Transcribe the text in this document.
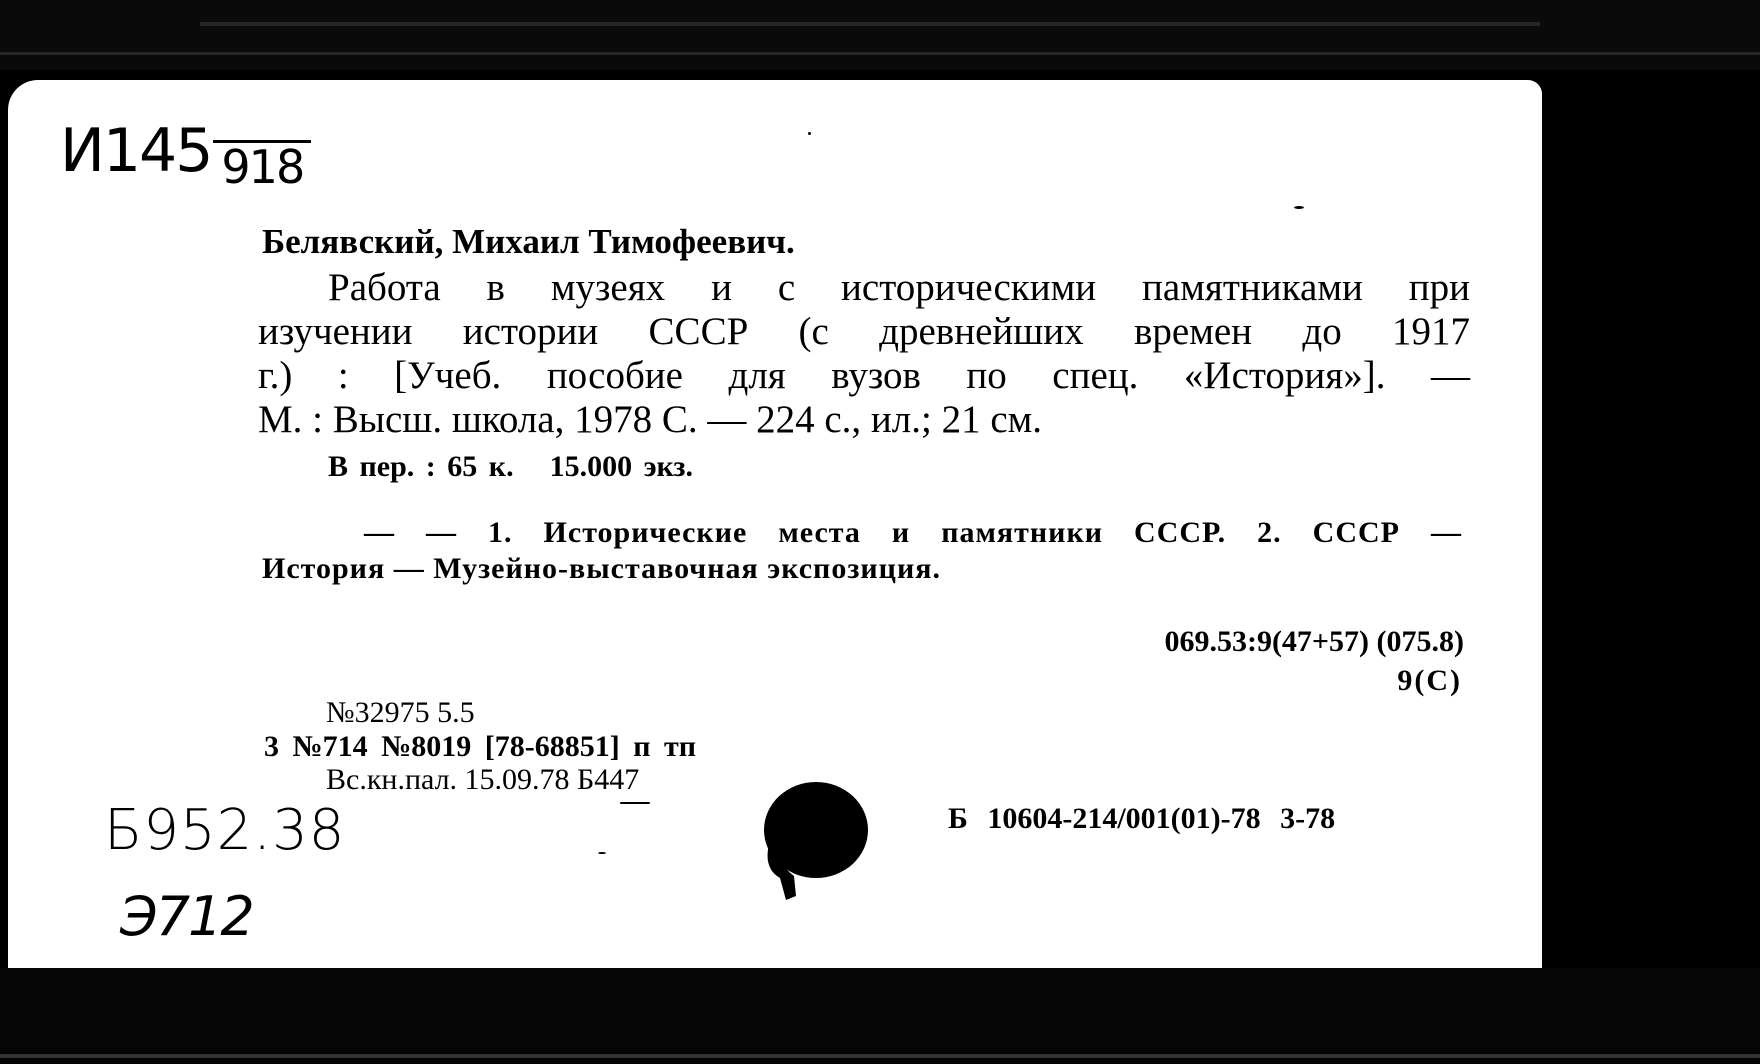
И145 918
Белявский, Михаил Тимофеевич.

Работа в музеях и с историческими памятниками при

изучении истории СССР (с древнейших времен до 1917

г.) : [Учеб. пособие для вузов по спец. «История»]. —

М. : Высш. школа, 1978 С. — 224 с., ил.; 21 см.

В пер. : 65 к. 15.000 экз.

— — 1. Исторические места и памятники СССР. 2. СССР —

История — Музейно-выставочная экспозиция.

069.53:9(47+57) (075.8)
9(С)
№32975 5.5
3 №714 №8019 [78-68851] п тп
Вс.кн.пал. 15.09.78 Б447
Б952.38
Э712
Б 10604-214/001(01)-78 3-78
